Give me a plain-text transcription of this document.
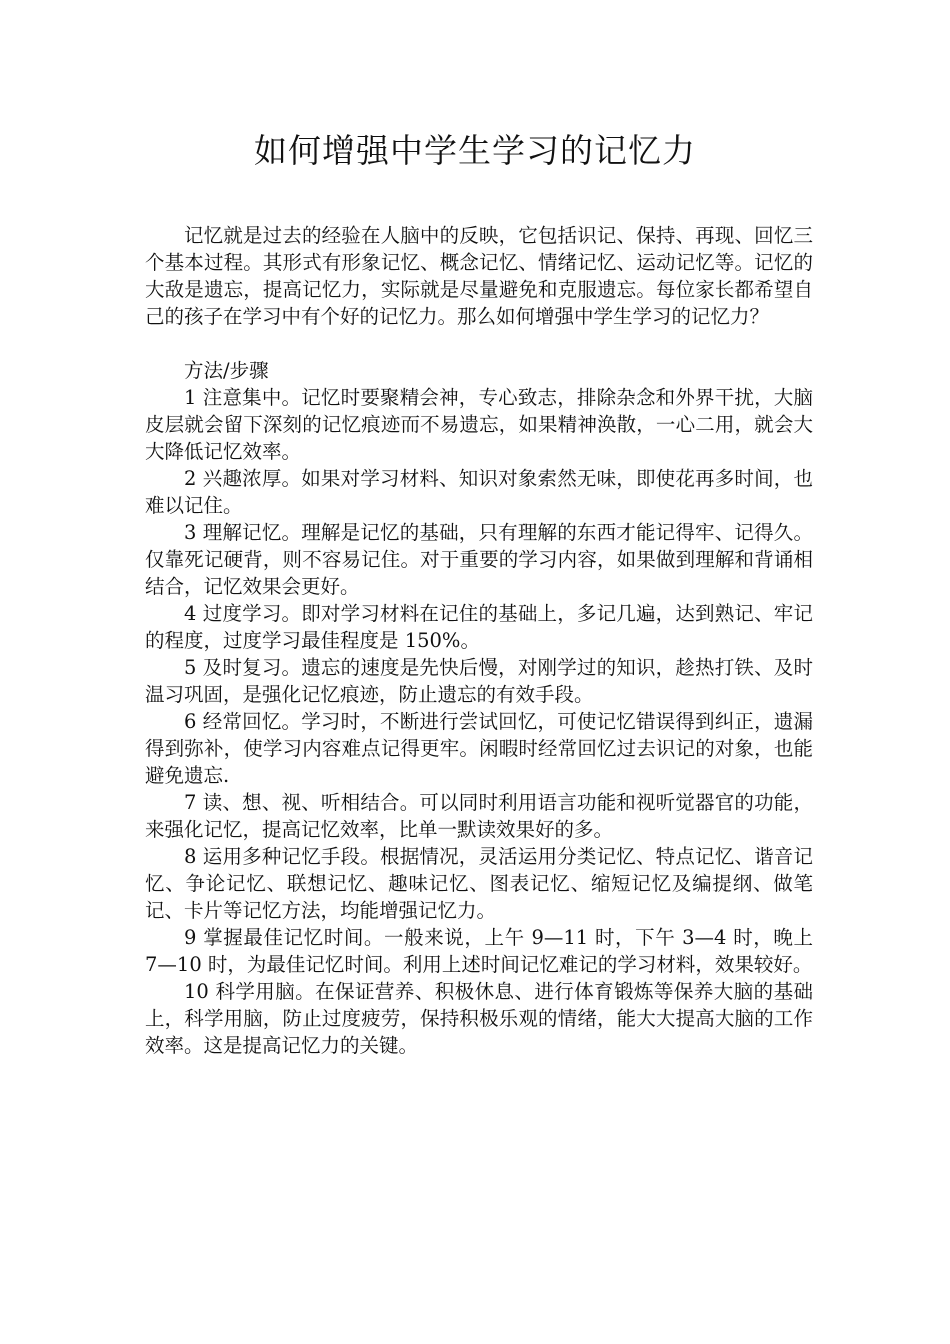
如何增强中学生学习的记忆力

记忆就是过去的经验在人脑中的反映，它包括识记、保持、再现、回忆三个基本过程。其形式有形象记忆、概念记忆、情绪记忆、运动记忆等。记忆的大敌是遗忘，提高记忆力，实际就是尽量避免和克服遗忘。每位家长都希望自己的孩子在学习中有个好的记忆力。那么如何增强中学生学习的记忆力？

方法/步骤

1 注意集中。记忆时要聚精会神，专心致志，排除杂念和外界干扰，大脑皮层就会留下深刻的记忆痕迹而不易遗忘，如果精神涣散，一心二用，就会大大降低记忆效率。

2 兴趣浓厚。如果对学习材料、知识对象索然无味，即使花再多时间，也难以记住。

3 理解记忆。理解是记忆的基础，只有理解的东西才能记得牢、记得久。仅靠死记硬背，则不容易记住。对于重要的学习内容，如果做到理解和背诵相结合，记忆效果会更好。

4 过度学习。即对学习材料在记住的基础上，多记几遍，达到熟记、牢记的程度，过度学习最佳程度是 150%。

5 及时复习。遗忘的速度是先快后慢，对刚学过的知识，趁热打铁、及时温习巩固，是强化记忆痕迹，防止遗忘的有效手段。

6 经常回忆。学习时，不断进行尝试回忆，可使记忆错误得到纠正，遗漏得到弥补，使学习内容难点记得更牢。闲暇时经常回忆过去识记的对象，也能避免遗忘.

7 读、想、视、听相结合。可以同时利用语言功能和视听觉器官的功能，来强化记忆，提高记忆效率，比单一默读效果好的多。

8 运用多种记忆手段。根据情况，灵活运用分类记忆、特点记忆、谐音记忆、争论记忆、联想记忆、趣味记忆、图表记忆、缩短记忆及编提纲、做笔记、卡片等记忆方法，均能增强记忆力。

9 掌握最佳记忆时间。一般来说，上午 9—11 时，下午 3—4 时，晚上 7—10 时，为最佳记忆时间。利用上述时间记忆难记的学习材料，效果较好。

10 科学用脑。在保证营养、积极休息、进行体育锻炼等保养大脑的基础上，科学用脑，防止过度疲劳，保持积极乐观的情绪，能大大提高大脑的工作效率。这是提高记忆力的关键。
